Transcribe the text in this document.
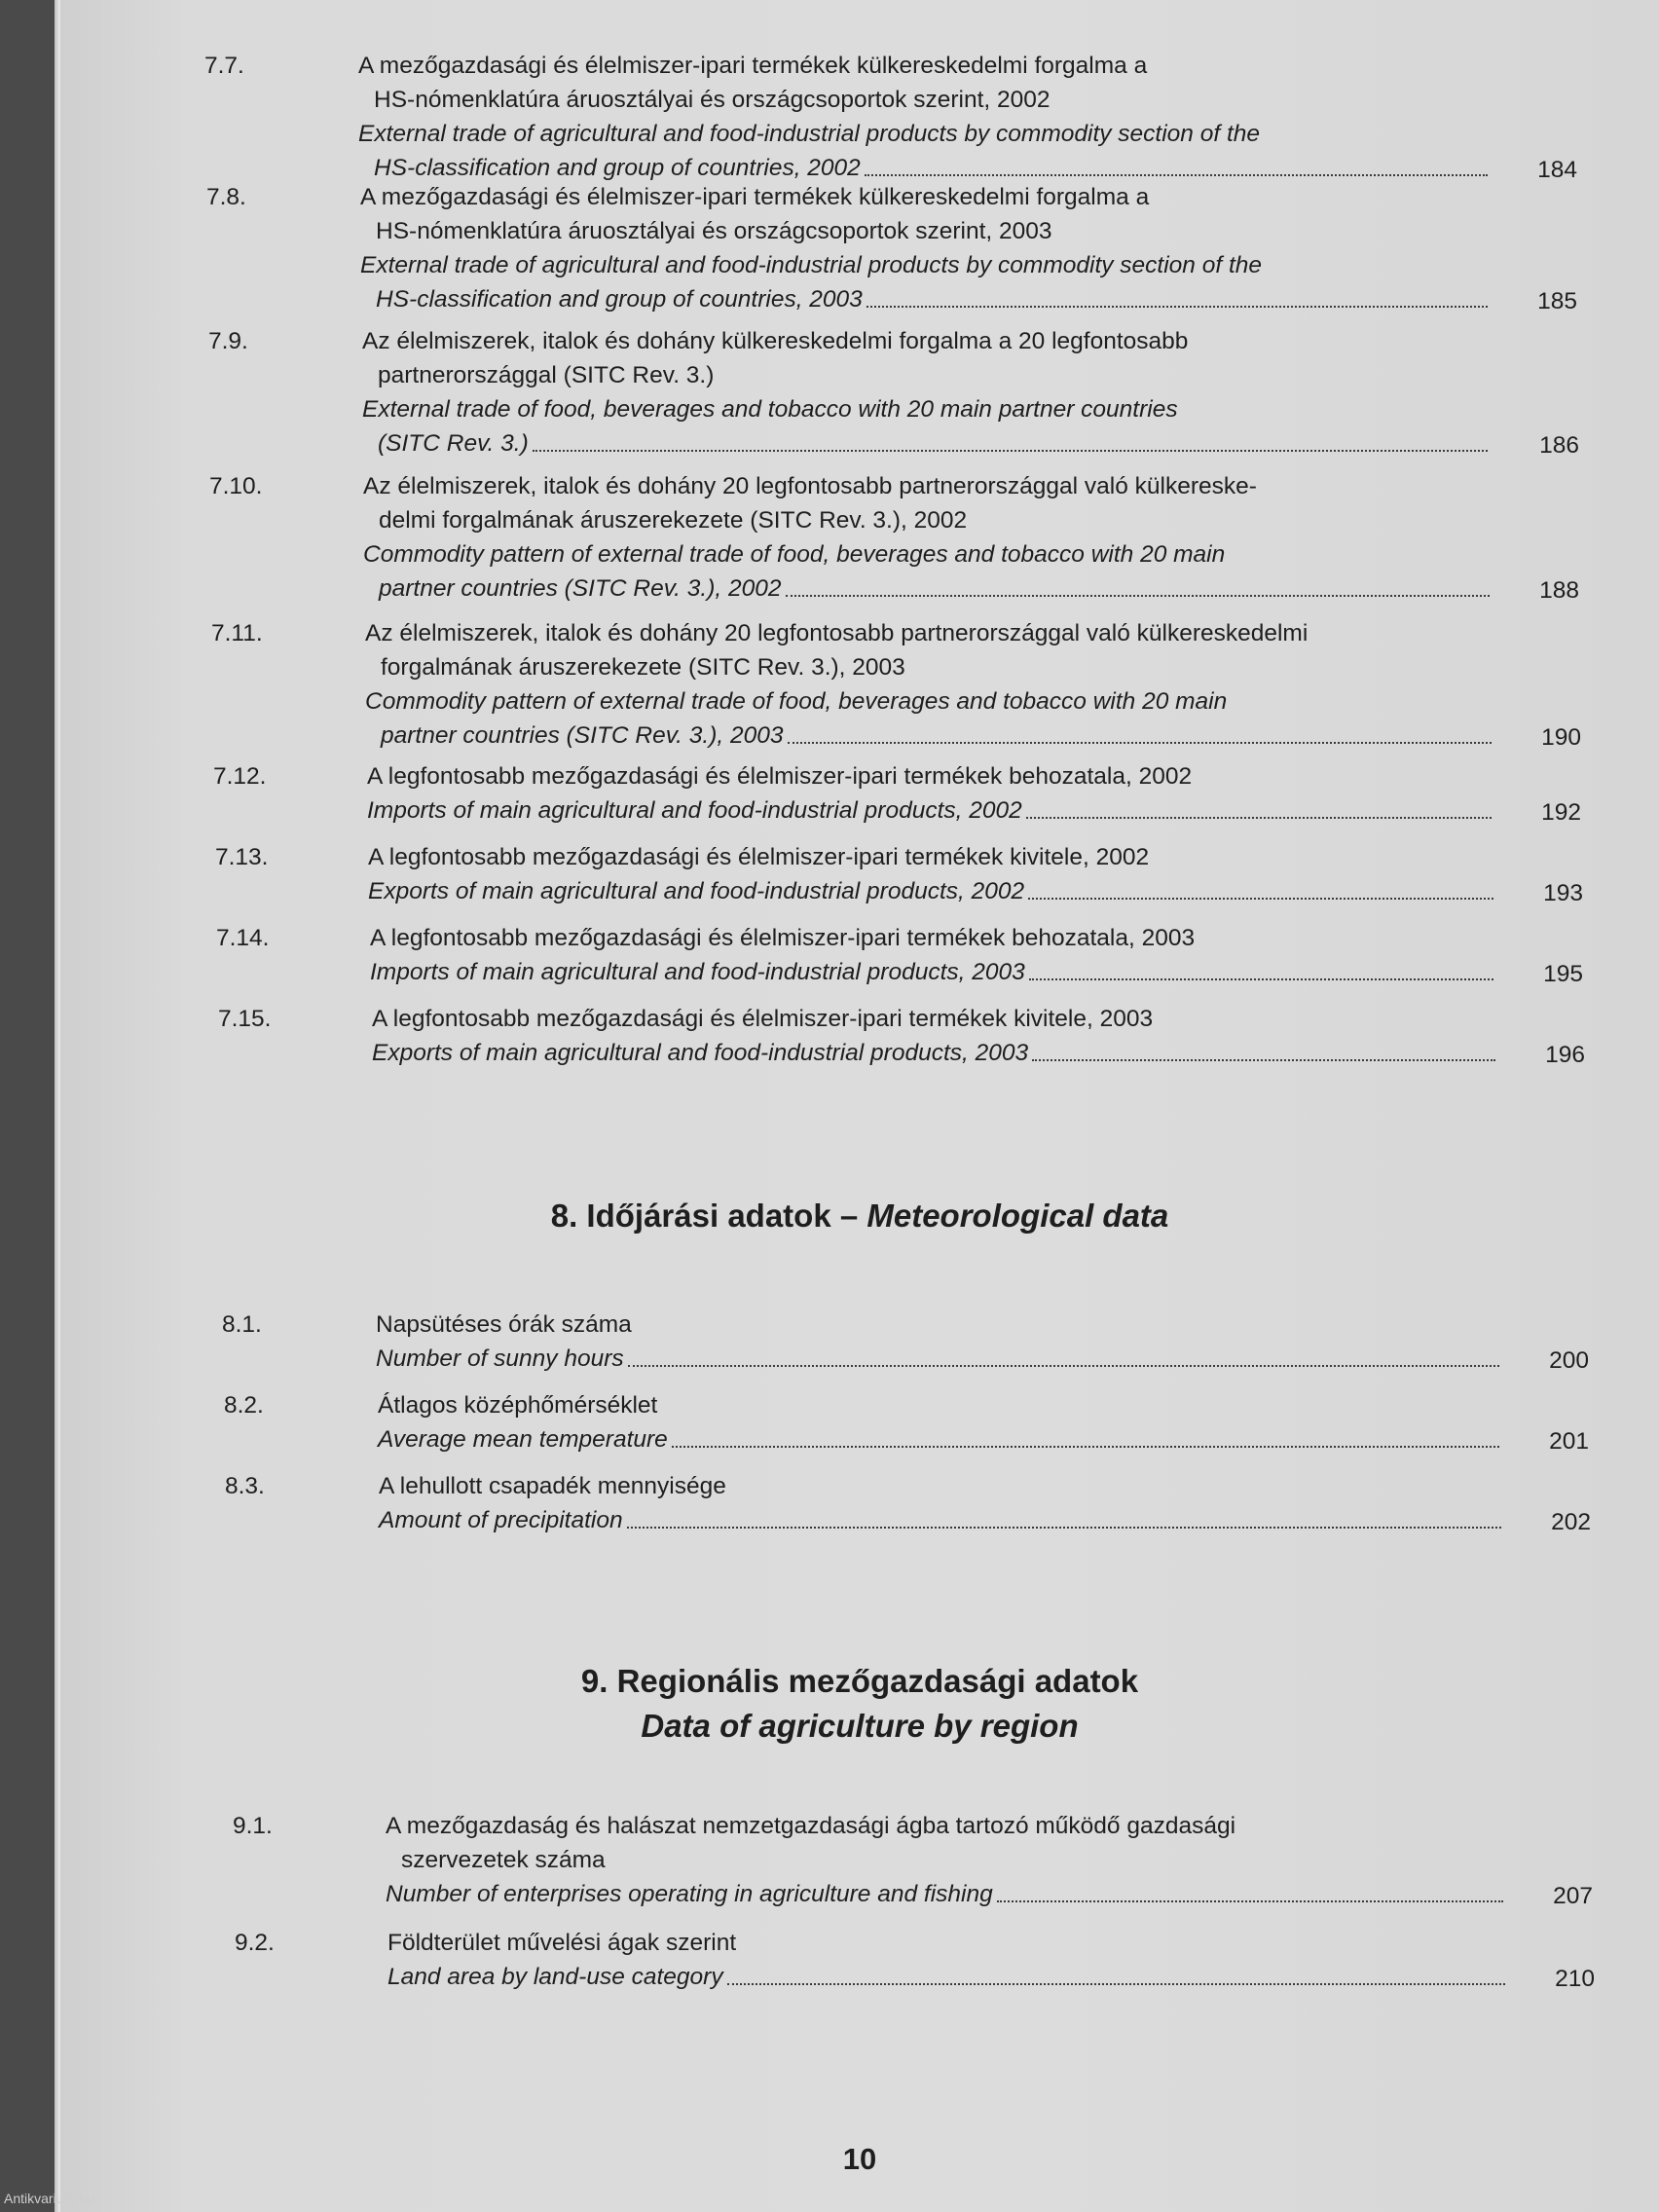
7.7.	A mezőgazdasági és élelmiszer-ipari termékek külkereskedelmi forgalma a
HS-nómenklatúra áruosztályai és országcsoportok szerint, 2002
External trade of agricultural and food-industrial products by commodity section of the
HS-classification and group of countries, 2002	184
7.8.	A mezőgazdasági és élelmiszer-ipari termékek külkereskedelmi forgalma a
HS-nómenklatúra áruosztályai és országcsoportok szerint, 2003
External trade of agricultural and food-industrial products by commodity section of the
HS-classification and group of countries, 2003	185
7.9.	Az élelmiszerek, italok és dohány külkereskedelmi forgalma a 20 legfontosabb
partnerországgal (SITC Rev. 3.)
External trade of food, beverages and tobacco with 20 main partner countries
(SITC Rev. 3.)	186
7.10.	Az élelmiszerek, italok és dohány 20 legfontosabb partnerországgal való külkereske-
delmi forgalmának áruszerekezete (SITC Rev. 3.), 2002
Commodity pattern of external trade of food, beverages and tobacco with 20 main
partner countries (SITC Rev. 3.), 2002	188
7.11.	Az élelmiszerek, italok és dohány 20 legfontosabb partnerországgal való külkereskedelmi
forgalmának áruszerekezete (SITC Rev. 3.), 2003
Commodity pattern of external trade of food, beverages and tobacco with 20 main
partner countries (SITC Rev. 3.), 2003	190
7.12.	A legfontosabb mezőgazdasági és élelmiszer-ipari termékek behozatala, 2002
Imports of main agricultural and food-industrial products, 2002	192
7.13.	A legfontosabb mezőgazdasági és élelmiszer-ipari termékek kivitele, 2002
Exports of main agricultural and food-industrial products, 2002	193
7.14.	A legfontosabb mezőgazdasági és élelmiszer-ipari termékek behozatala, 2003
Imports of main agricultural and food-industrial products, 2003	195
7.15.	A legfontosabb mezőgazdasági és élelmiszer-ipari termékek kivitele, 2003
Exports of main agricultural and food-industrial products, 2003	196
8.1.	Napsütéses órák száma
Number of sunny hours	200
8.2.	Átlagos középhőmérséklet
Average mean temperature	201
8.3.	A lehullott csapadék mennyisége
Amount of precipitation	202
9.1.	A mezőgazdaság és halászat nemzetgazdasági ágba tartozó működő gazdasági
szervezetek száma
Number of enterprises operating in agriculture and fishing	207
9.2.	Földterület művelési ágak szerint
Land area by land-use category	210
8. Időjárási adatok – Meteorological data
9. Regionális mezőgazdasági adatok
Data of agriculture by region
10
Antikvarium.hu
